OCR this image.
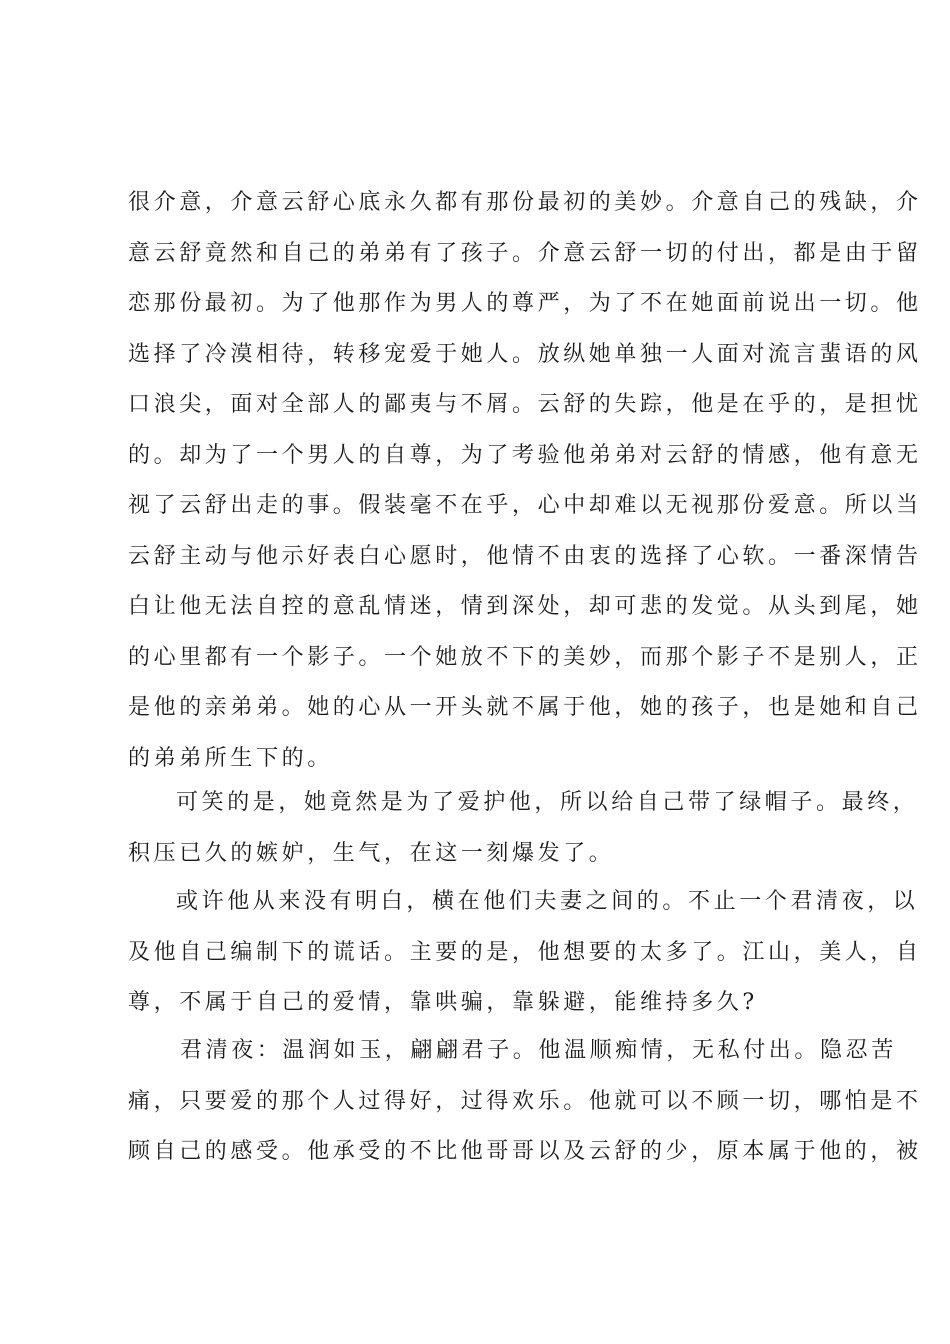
很介意，介意云舒心底永久都有那份最初的美妙。介意自己的残缺，介
意云舒竟然和自己的弟弟有了孩子。介意云舒一切的付出，都是由于留
恋那份最初。为了他那作为男人的尊严，为了不在她面前说出一切。他
选择了冷漠相待，转移宠爱于她人。放纵她单独一人面对流言蜚语的风
口浪尖，面对全部人的鄙夷与不屑。云舒的失踪，他是在乎的，是担忧
的。却为了一个男人的自尊，为了考验他弟弟对云舒的情感，他有意无
视了云舒出走的事。假装毫不在乎，心中却难以无视那份爱意。所以当
云舒主动与他示好表白心愿时，他情不由衷的选择了心软。一番深情告
白让他无法自控的意乱情迷，情到深处，却可悲的发觉。从头到尾，她
的心里都有一个影子。一个她放不下的美妙，而那个影子不是别人，正
是他的亲弟弟。她的心从一开头就不属于他，她的孩子，也是她和自己
的弟弟所生下的。
可笑的是，她竟然是为了爱护他，所以给自己带了绿帽子。最终，
积压已久的嫉妒，生气，在这一刻爆发了。
或许他从来没有明白，横在他们夫妻之间的。不止一个君清夜，以
及他自己编制下的谎话。主要的是，他想要的太多了。江山，美人，自
尊，不属于自己的爱情，靠哄骗，靠躲避，能维持多久?
君清夜：温润如玉，翩翩君子。他温顺痴情，无私付出。隐忍苦
痛，只要爱的那个人过得好，过得欢乐。他就可以不顾一切，哪怕是不
顾自己的感受。他承受的不比他哥哥以及云舒的少，原本属于他的，被
